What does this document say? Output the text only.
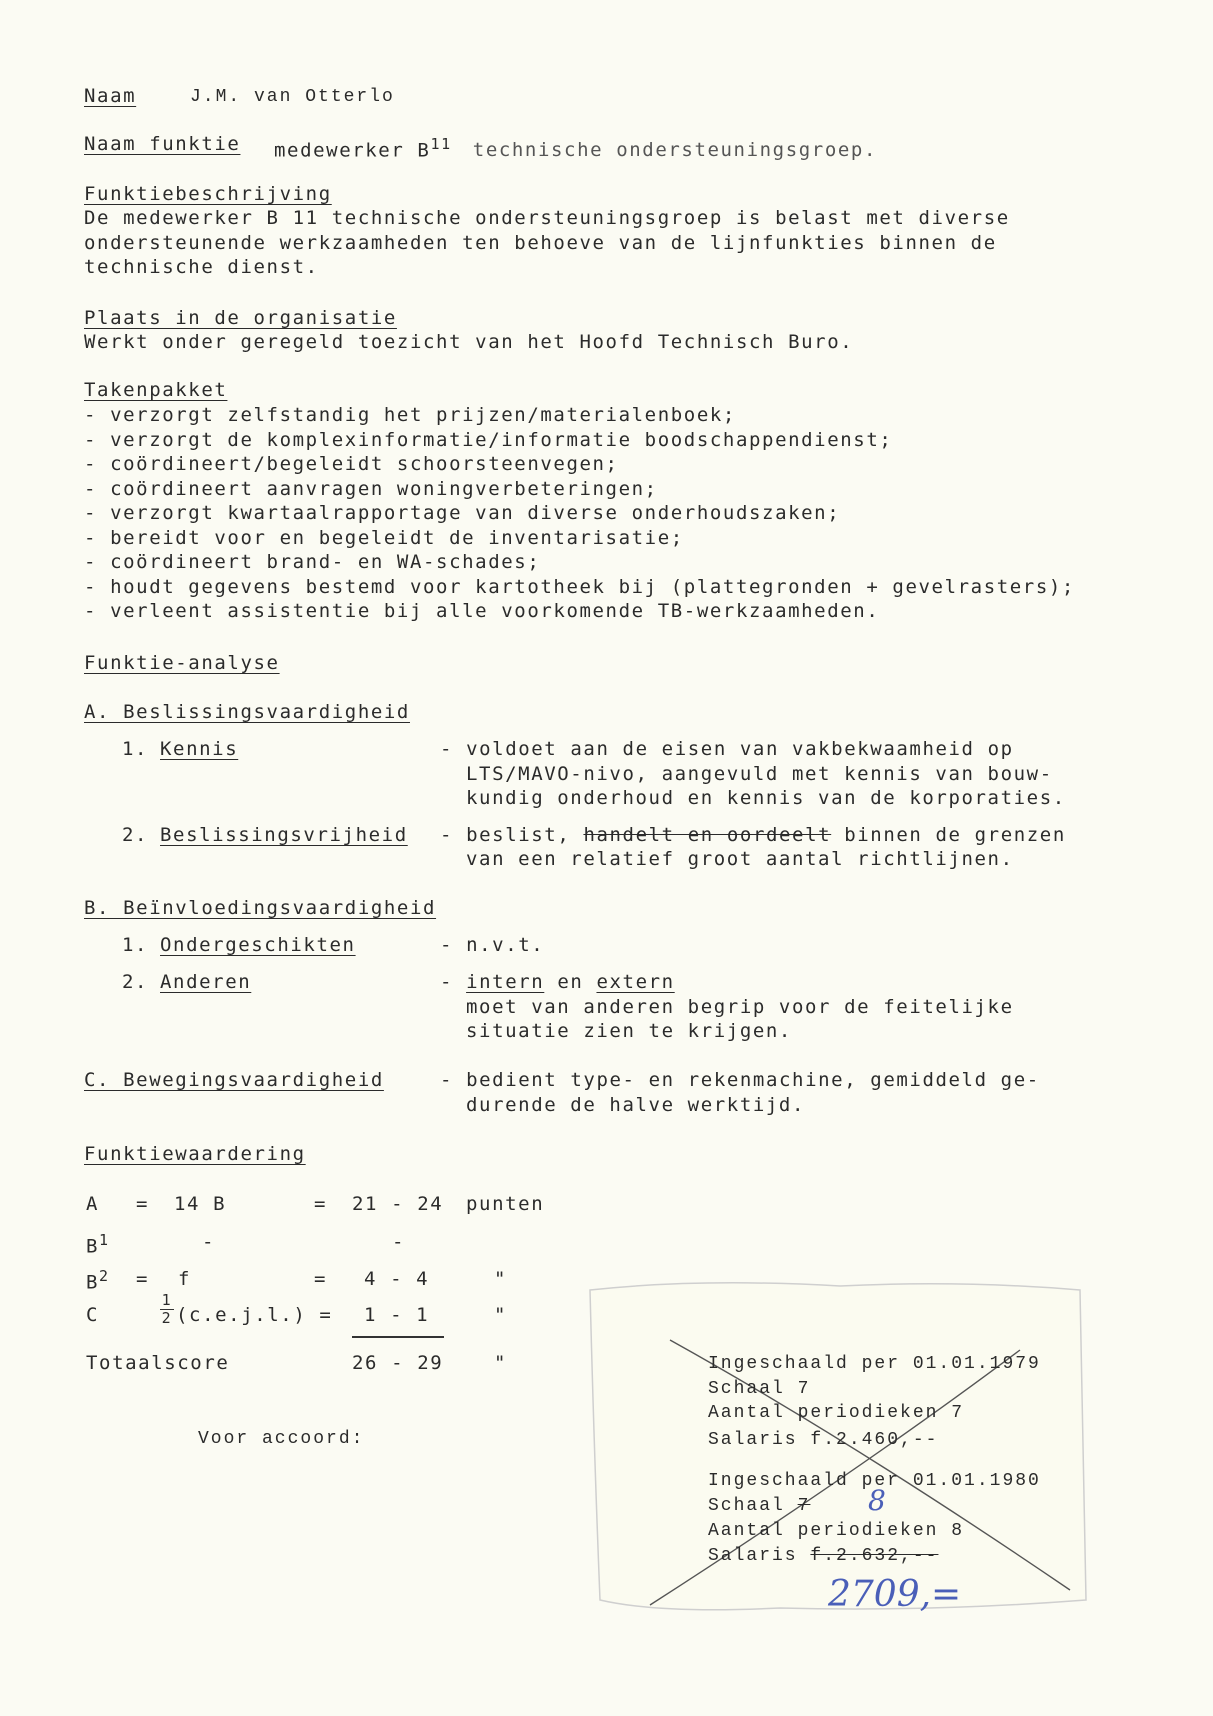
Naam	J.M. van Otterlo
Naam funktie medewerker $B^{11}$ technische ondersteuningsgroep.
Funktiebeschrijving
De medewerker B 11 technische ondersteuningsgroep is belast met diverse
ondersteunende werkzaamheden ten behoeve van de lijnfunkties binnen de
technische dienst.
Plaats in de organisatie
Werkt onder geregeld toezicht van het Hoofd Technisch Buro.
Takenpakket
- verzorgt zelfstandig het prijzen/materialenboek;
- verzorgt de komplexinformatie/informatie boodschappendienst;
- coördineert/begeleidt schoorsteenvegen;
- coördineert aanvragen woningverbeteringen;
- verzorgt kwartaalrapportage van diverse onderhoudszaken;
- bereidt voor en begeleidt de inventarisatie;
- coördineert brand- en WA-schades;
- houdt gegevens bestemd voor kartotheek bij (plattegronden + gevelrasters);
- verleent assistentie bij alle voorkomende TB-werkzaamheden.
Funktie-analyse
A. Beslissingsvaardigheid
1. Kennis	- voldoet aan de eisen van vakbekwaamheid op
LTS/MAVO-nivo, aangevuld met kennis van bouw-
kundig onderhoud en kennis van de korporaties.
2. Beslissingsvrijheid - beslist, handelt en oordeelt binnen de grenzen
van een relatief groot aantal richtlijnen.
B. Beïnvloedingsvaardigheid
1. Ondergeschikten	- n.v.t.
2. Anderen	- intern en extern
moet van anderen begrip voor de feitelijke
situatie zien te krijgen.
C. Bewegingsvaardigheid	- bedient type- en rekenmachine, gemiddeld ge-
durende de halve werktijd.
Funktiewaardering
A = 14 B	= 21 - 24 punten
$B^1$	-	-
$B^2 = f$	= 4 - 4	"
C	$\frac{1}{2} (c.e.j.l.) = 1 - 1$	"
Totaalscore	26 - 29	"
Voor accoord:
Ingeschaald per 01.01.1979
Schaal 7
Aantal periodieken 7
Salaris f.2.460,--
Ingeschaald per 01.01.1980
Schaal 7 8
Aantal periodieken 8
Salaris f.2.632,--
2709,=
